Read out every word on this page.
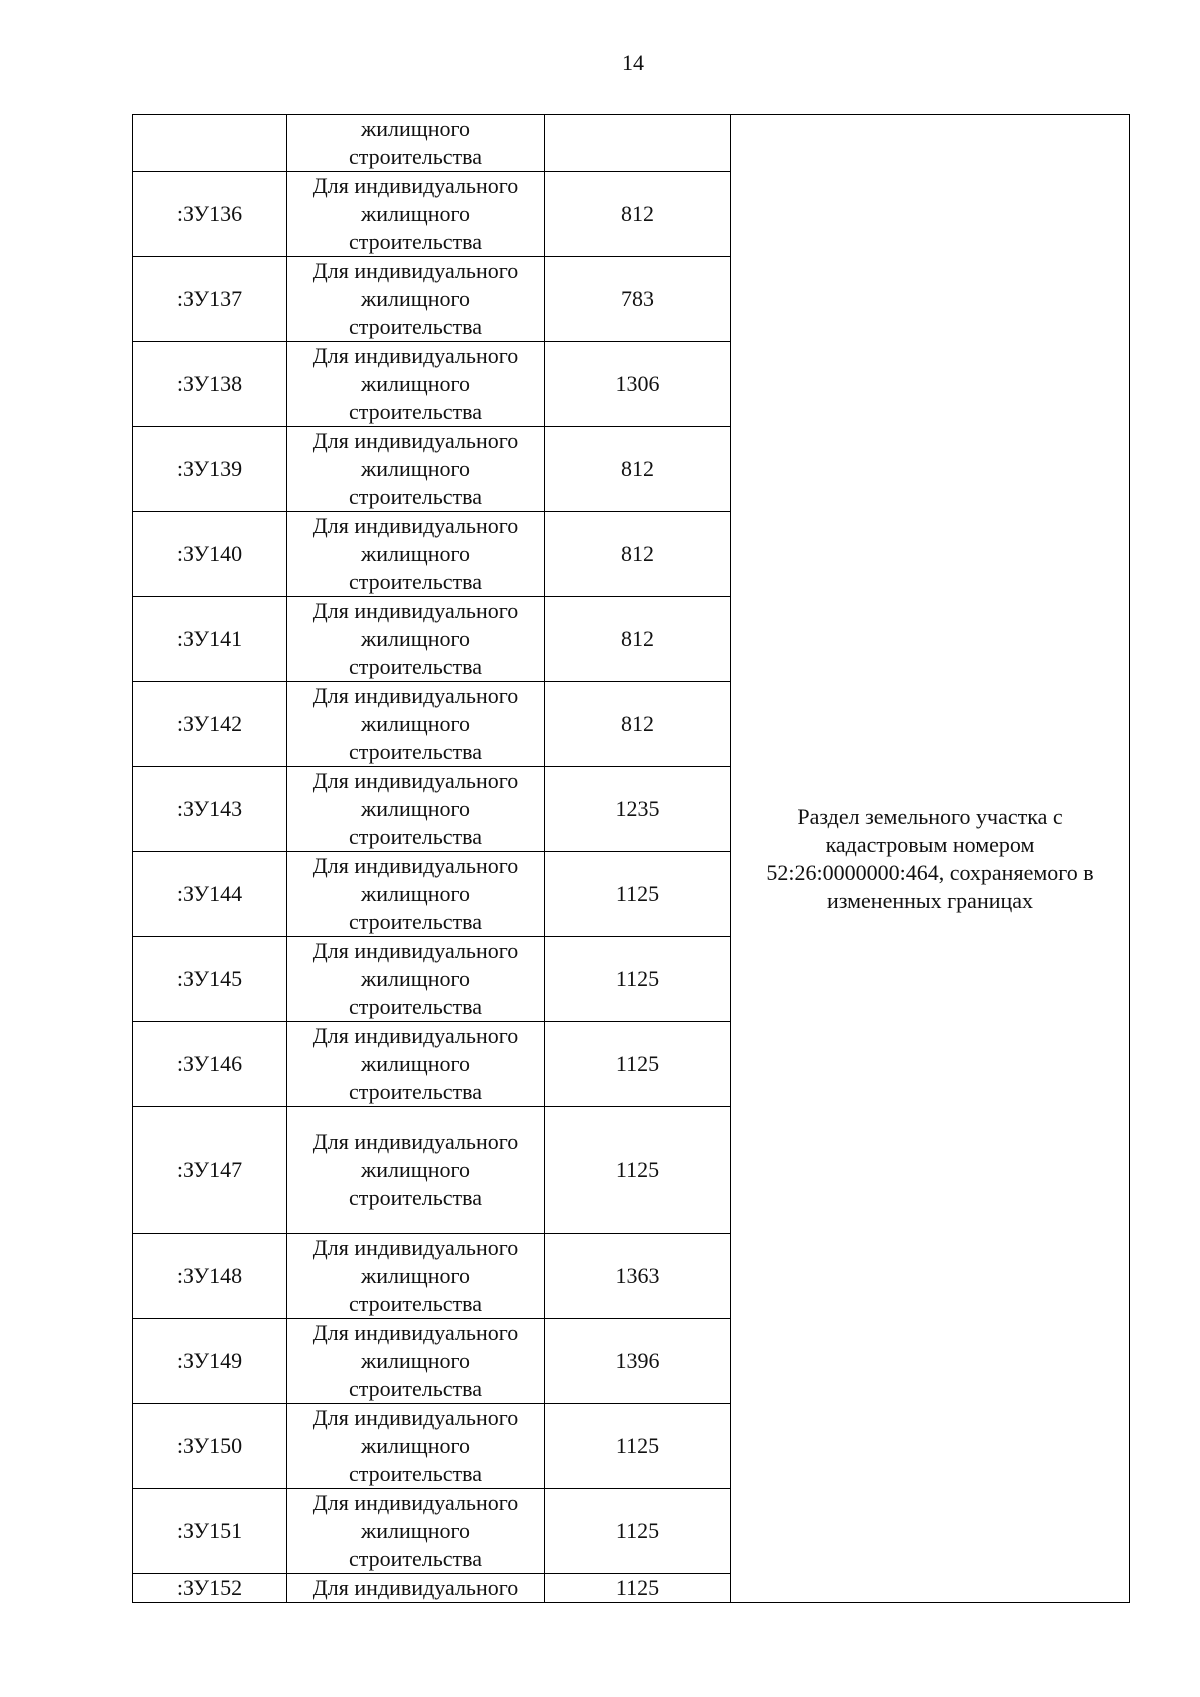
14

	жилищного
строительства		Раздел земельного участка с
кадастровым номером
52:26:0000000:464, сохраняемого в
измененных границах

:ЗУ136	Для индивидуального
жилищного
строительства	812	
:ЗУ137	Для индивидуального
жилищного
строительства	783	
:ЗУ138	Для индивидуального
жилищного
строительства	1306	
:ЗУ139	Для индивидуального
жилищного
строительства	812	
:ЗУ140	Для индивидуального
жилищного
строительства	812	
:ЗУ141	Для индивидуального
жилищного
строительства	812	
:ЗУ142	Для индивидуального
жилищного
строительства	812	
:ЗУ143	Для индивидуального
жилищного
строительства	1235	
:ЗУ144	Для индивидуального
жилищного
строительства	1125	
:ЗУ145	Для индивидуального
жилищного
строительства	1125	
:ЗУ146	Для индивидуального
жилищного
строительства	1125	
:ЗУ147	Для индивидуального
жилищного
строительства	1125	
:ЗУ148	Для индивидуального
жилищного
строительства	1363	
:ЗУ149	Для индивидуального
жилищного
строительства	1396	
:ЗУ150	Для индивидуального
жилищного
строительства	1125	
:ЗУ151	Для индивидуального
жилищного
строительства	1125	
:ЗУ152	Для индивидуального	1125	
